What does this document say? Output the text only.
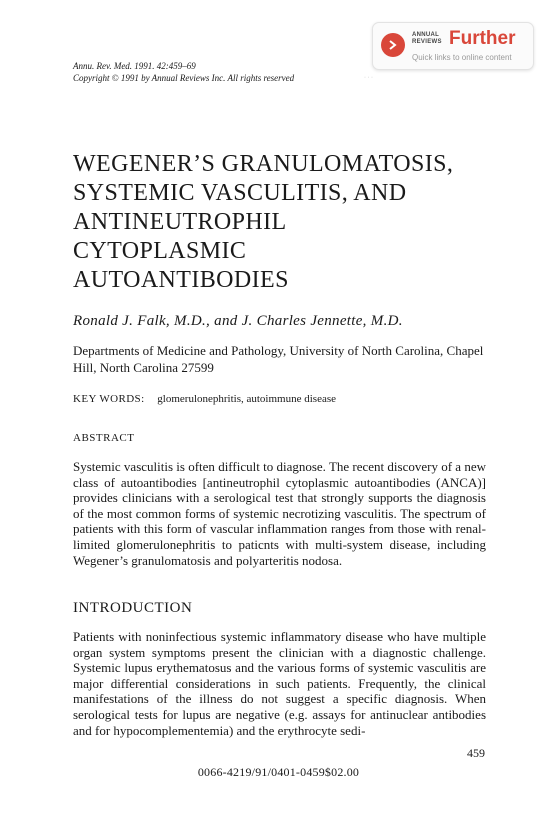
Annu. Rev. Med. 1991. 42:459–69
Copyright © 1991 by Annual Reviews Inc. All rights reserved	· · ·
ANNUAL
REVIEWS Further
Quick links to online content
WEGENER’S GRANULOMATOSIS,
SYSTEMIC VASCULITIS, AND
ANTINEUTROPHIL
CYTOPLASMIC
AUTOANTIBODIES
Ronald J. Falk, M.D., and J. Charles Jennette, M.D.
Departments of Medicine and Pathology, University of North Carolina, Chapel Hill, North Carolina 27599
KEY WORDS: glomerulonephritis, autoimmune disease
ABSTRACT

Systemic vasculitis is often difficult to diagnose. The recent discovery of a new class of autoantibodies [antineutrophil cytoplasmic autoantibodies (ANCA)] provides clinicians with a serological test that strongly supports the diagnosis of the most common forms of systemic necrotizing vasculitis. The spectrum of patients with this form of vascular inflammation ranges from those with renal-limited glomerulonephritis to paticnts with multi-system disease, including Wegener’s granulomatosis and polyarteritis nodosa.

INTRODUCTION

Patients with noninfectious systemic inflammatory disease who have multiple organ system symptoms present the clinician with a diagnostic challenge. Systemic lupus erythematosus and the various forms of systemic vasculitis are major differential considerations in such patients. Frequently, the clinical manifestations of the illness do not suggest a specific diagnosis. When serological tests for lupus are negative (e.g. assays for antinuclear antibodies and for hypocomplementemia) and the erythrocyte sedi-

459
0066-4219/91/0401-0459$02.00
